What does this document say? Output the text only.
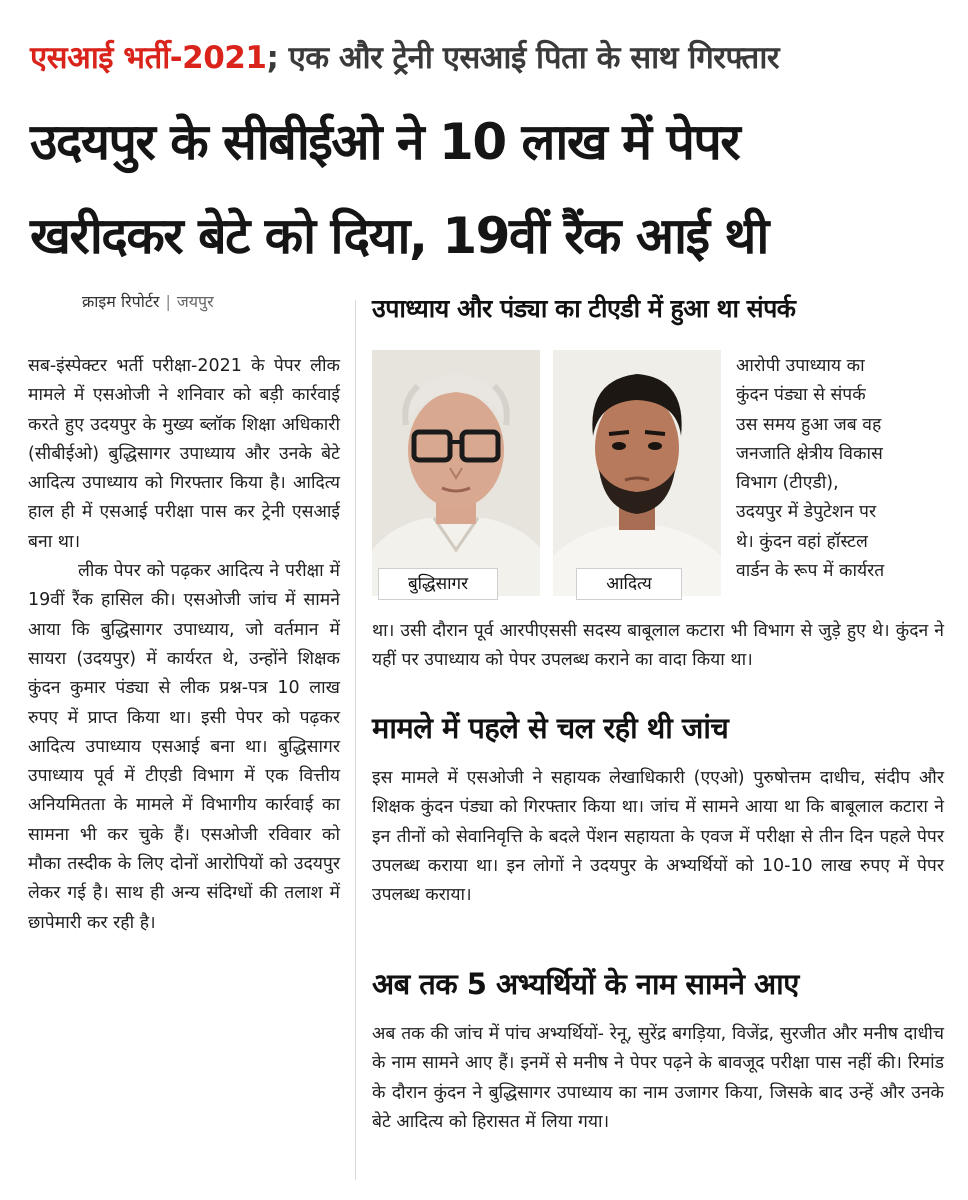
एसआई भर्ती-2021; एक और ट्रेनी एसआई पिता के साथ गिरफ्तार
उदयपुर के सीबीईओ ने 10 लाख में पेपर
खरीदकर बेटे को दिया, 19वीं रैंक आई थी
क्राइम रिपोर्टर | जयपुर

सब-इंस्पेक्टर भर्ती परीक्षा-2021 के पेपर लीक मामले में एसओजी ने शनिवार को बड़ी कार्रवाई करते हुए उदयपुर के मुख्य ब्लॉक शिक्षा अधिकारी (सीबीईओ) बुद्धिसागर उपाध्याय और उनके बेटे आदित्य उपाध्याय को गिरफ्तार किया है। आदित्य हाल ही में एसआई परीक्षा पास कर ट्रेनी एसआई बना था।

लीक पेपर को पढ़कर आदित्य ने परीक्षा में 19वीं रैंक हासिल की। एसओजी जांच में सामने आया कि बुद्धिसागर उपाध्याय, जो वर्तमान में सायरा (उदयपुर) में कार्यरत थे, उन्होंने शिक्षक कुंदन कुमार पंड्या से लीक प्रश्न-पत्र 10 लाख रुपए में प्राप्त किया था। इसी पेपर को पढ़कर आदित्य उपाध्याय एसआई बना था। बुद्धिसागर उपाध्याय पूर्व में टीएडी विभाग में एक वित्तीय अनियमितता के मामले में विभागीय कार्रवाई का सामना भी कर चुके हैं। एसओजी रविवार को मौका तस्दीक के लिए दोनों आरोपियों को उदयपुर लेकर गई है। साथ ही अन्य संदिग्धों की तलाश में छापेमारी कर रही है।

उपाध्याय और पंड्या का टीएडी में हुआ था संपर्क
बुद्धिसागर	आदित्य

आरोपी उपाध्याय का

कुंदन पंड्या से संपर्क

उस समय हुआ जब वह

जनजाति क्षेत्रीय विकास

विभाग (टीएडी),

उदयपुर में डेपुटेशन पर

थे। कुंदन वहां हॉस्टल

वार्डन के रूप में कार्यरत

था। उसी दौरान पूर्व आरपीएससी सदस्य बाबूलाल कटारा भी विभाग से जुड़े हुए थे। कुंदन ने यहीं पर उपाध्याय को पेपर उपलब्ध कराने का वादा किया था।

मामले में पहले से चल रही थी जांच

इस मामले में एसओजी ने सहायक लेखाधिकारी (एएओ) पुरुषोत्तम दाधीच, संदीप और शिक्षक कुंदन पंड्या को गिरफ्तार किया था। जांच में सामने आया था कि बाबूलाल कटारा ने इन तीनों को सेवानिवृत्ति के बदले पेंशन सहायता के एवज में परीक्षा से तीन दिन पहले पेपर उपलब्ध कराया था। इन लोगों ने उदयपुर के अभ्यर्थियों को 10-10 लाख रुपए में पेपर उपलब्ध कराया।

अब तक 5 अभ्यर्थियों के नाम सामने आए

अब तक की जांच में पांच अभ्यर्थियों- रेनू, सुरेंद्र बगड़िया, विजेंद्र, सुरजीत और मनीष दाधीच के नाम सामने आए हैं। इनमें से मनीष ने पेपर पढ़ने के बावजूद परीक्षा पास नहीं की। रिमांड के दौरान कुंदन ने बुद्धिसागर उपाध्याय का नाम उजागर किया, जिसके बाद उन्हें और उनके बेटे आदित्य को हिरासत में लिया गया।
